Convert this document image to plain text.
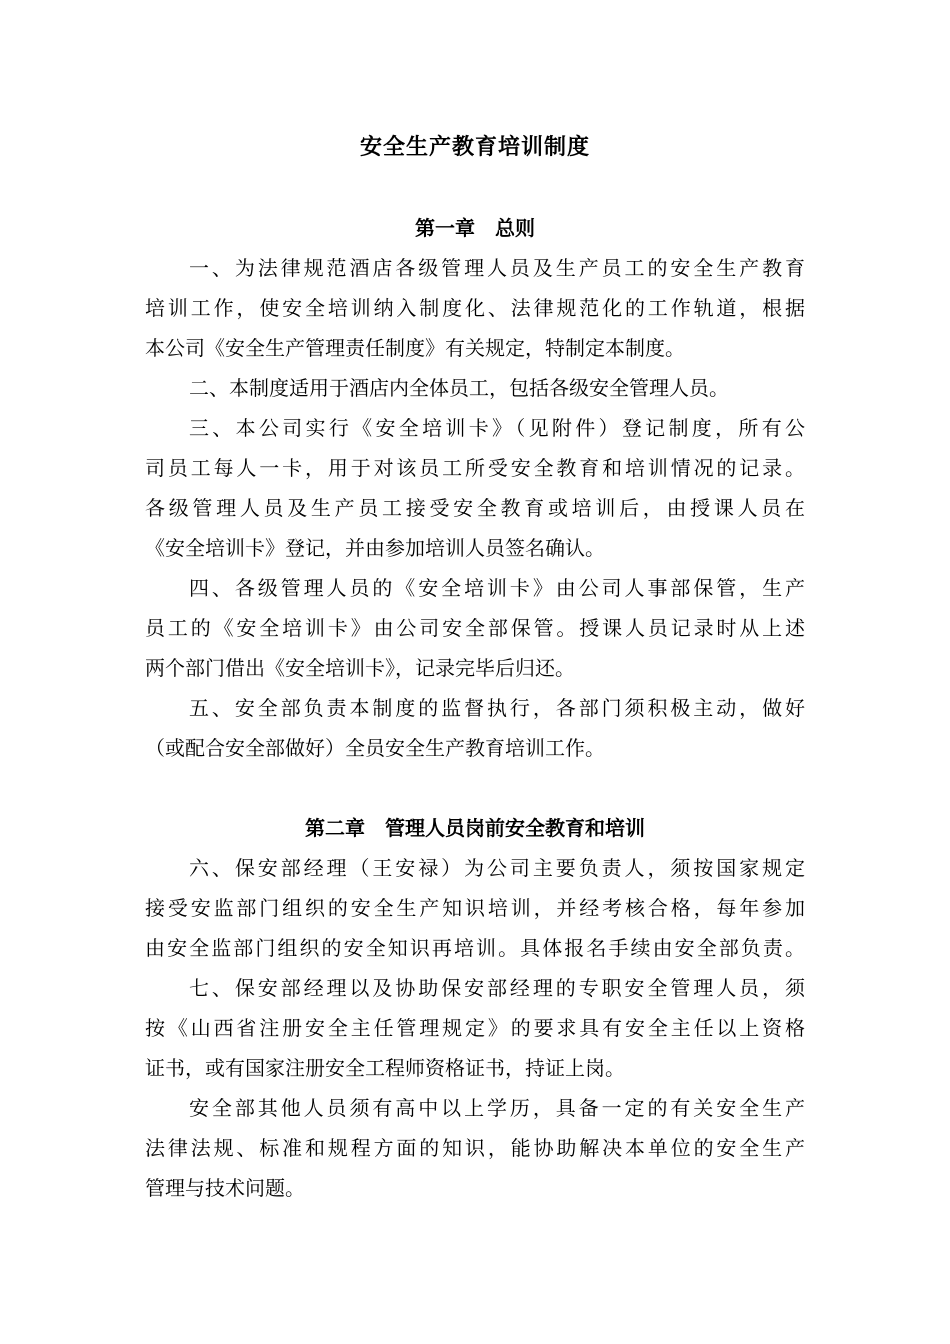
安全生产教育培训制度
第一章　总则
一、为法律规范酒店各级管理人员及生产员工的安全生产教育
培训工作，使安全培训纳入制度化、法律规范化的工作轨道，根据
本公司《安全生产管理责任制度》有关规定，特制定本制度。
二、本制度适用于酒店内全体员工，包括各级安全管理人员。
三、本公司实行《安全培训卡》（见附件）登记制度，所有公
司员工每人一卡，用于对该员工所受安全教育和培训情况的记录。
各级管理人员及生产员工接受安全教育或培训后，由授课人员在
《安全培训卡》登记，并由参加培训人员签名确认。
四、各级管理人员的《安全培训卡》由公司人事部保管，生产
员工的《安全培训卡》由公司安全部保管。授课人员记录时从上述
两个部门借出《安全培训卡》，记录完毕后归还。
五、安全部负责本制度的监督执行，各部门须积极主动，做好
（或配合安全部做好）全员安全生产教育培训工作。
第二章　管理人员岗前安全教育和培训
六、保安部经理（王安禄）为公司主要负责人，须按国家规定
接受安监部门组织的安全生产知识培训，并经考核合格，每年参加
由安全监部门组织的安全知识再培训。具体报名手续由安全部负责。
七、保安部经理以及协助保安部经理的专职安全管理人员，须
按《山西省注册安全主任管理规定》的要求具有安全主任以上资格
证书，或有国家注册安全工程师资格证书，持证上岗。
安全部其他人员须有高中以上学历，具备一定的有关安全生产
法律法规、标准和规程方面的知识，能协助解决本单位的安全生产
管理与技术问题。
